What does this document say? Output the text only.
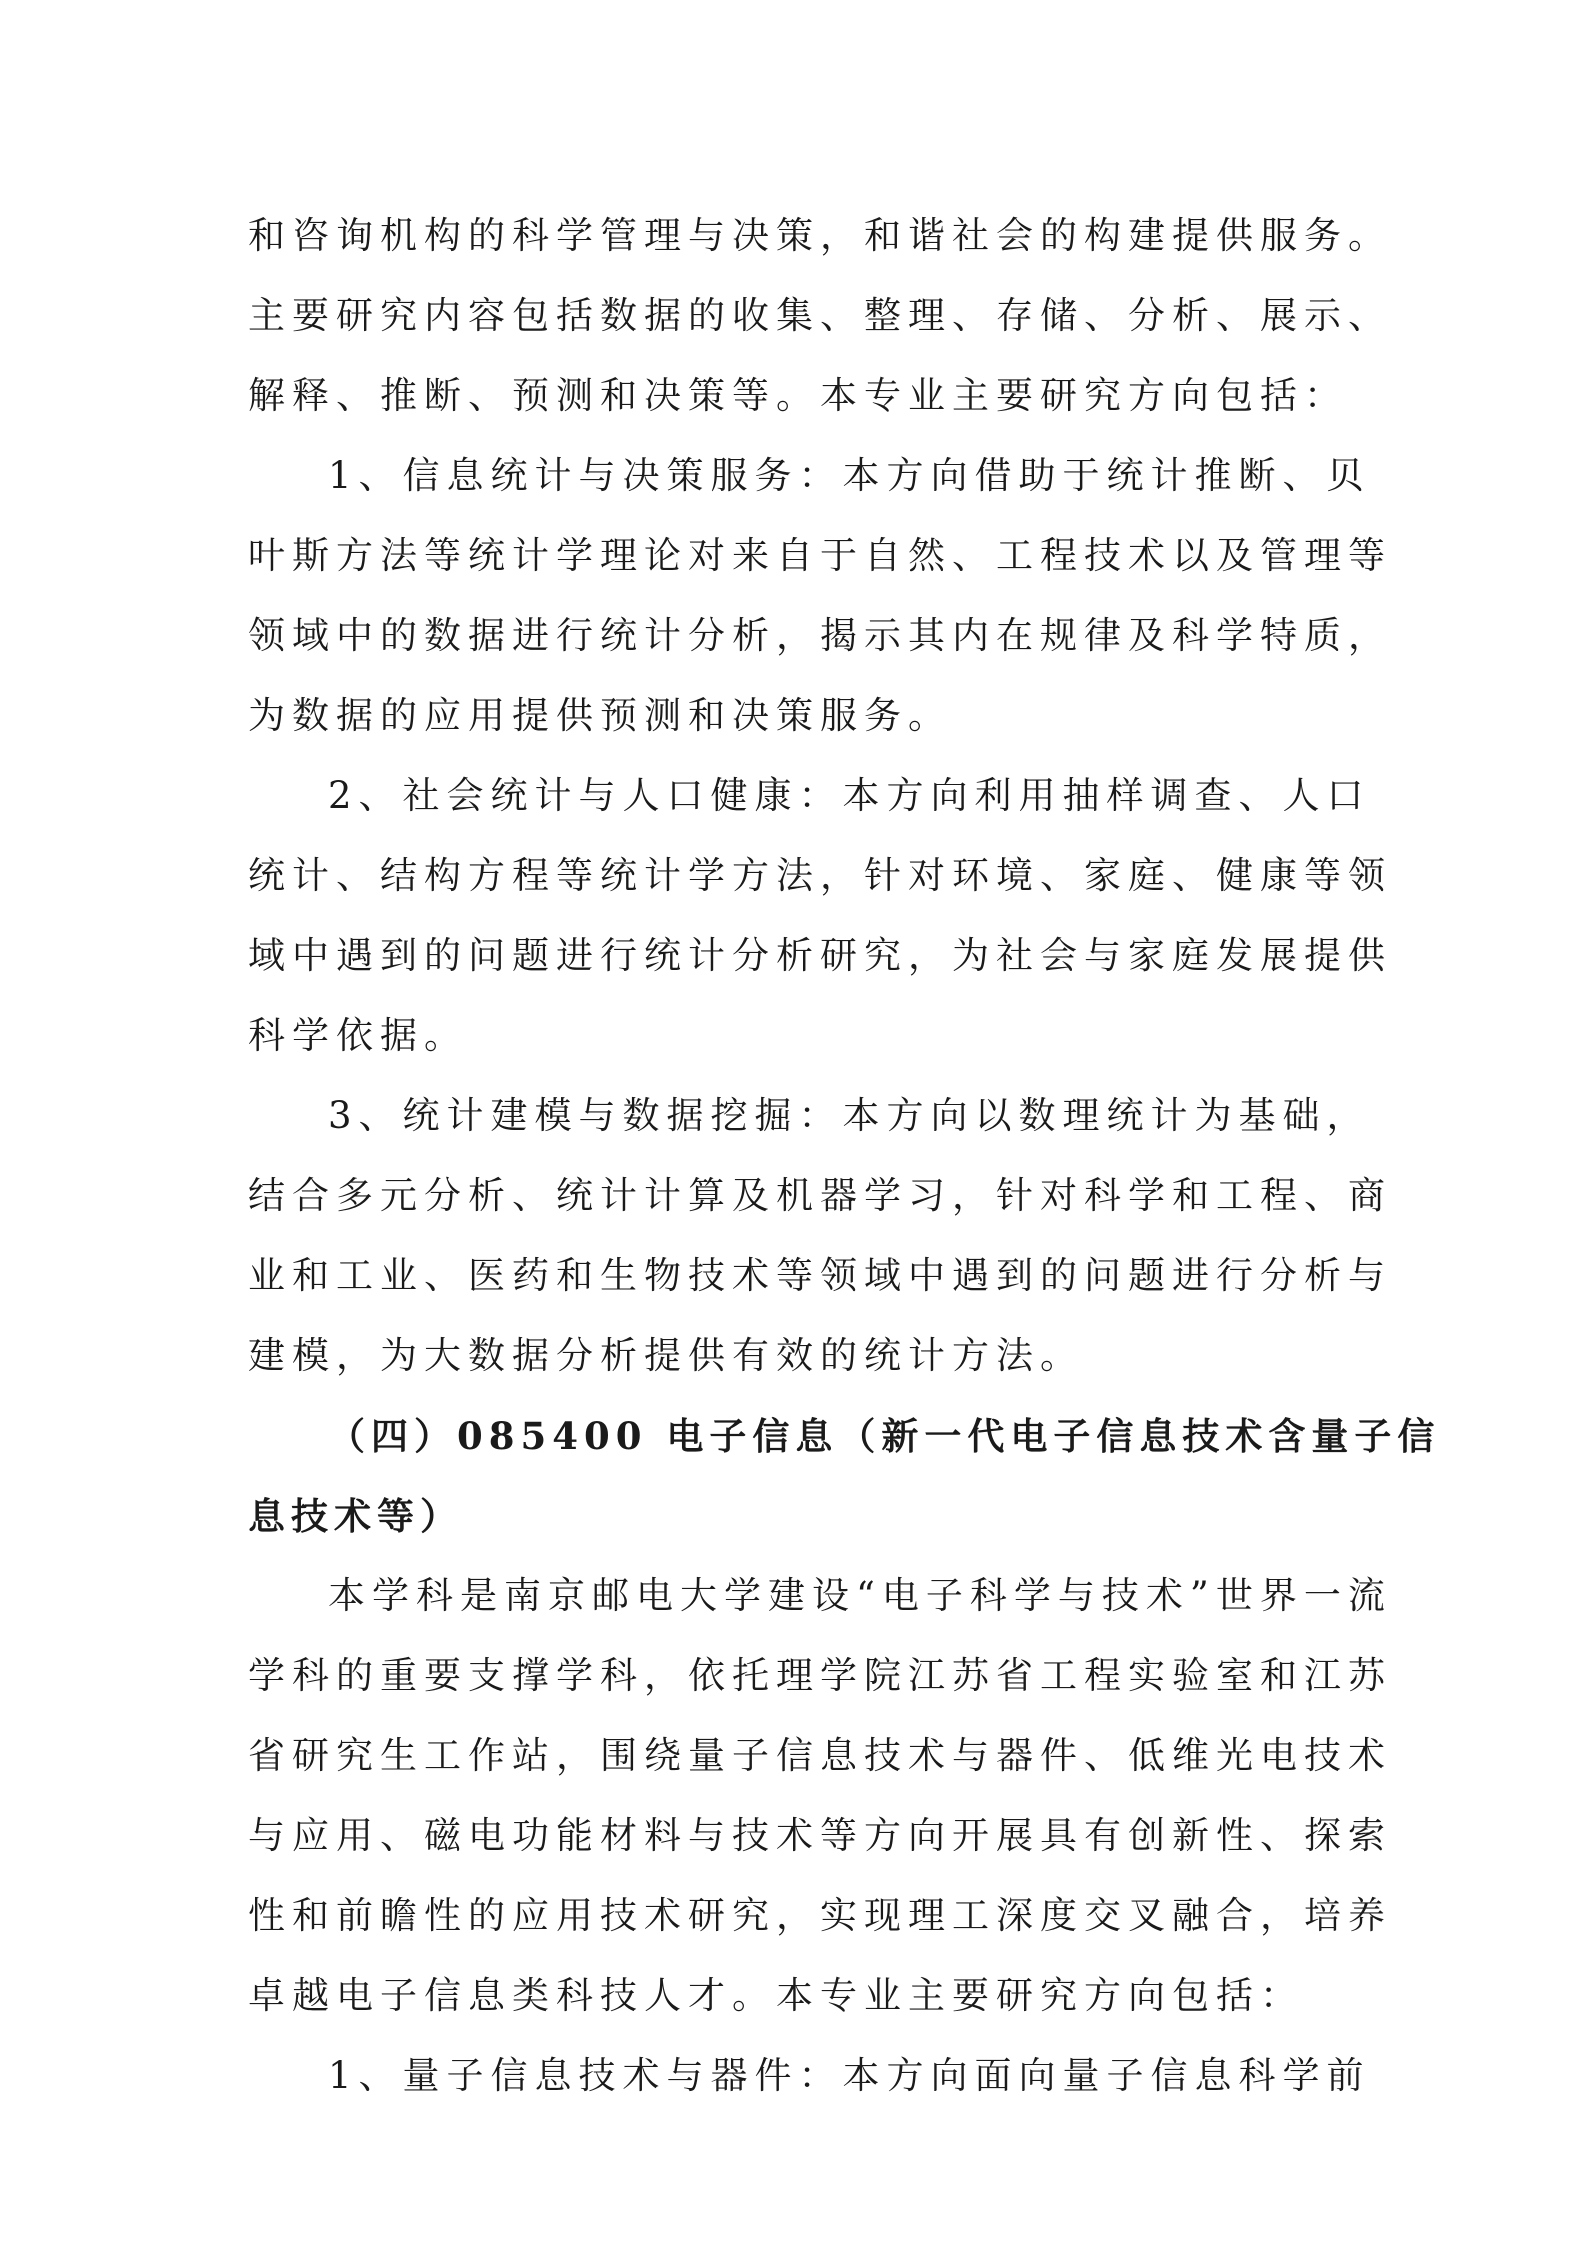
和咨询机构的科学管理与决策，和谐社会的构建提供服务。
主要研究内容包括数据的收集、整理、存储、分析、展示、
解释、推断、预测和决策等。本专业主要研究方向包括：
1、信息统计与决策服务：本方向借助于统计推断、贝
叶斯方法等统计学理论对来自于自然、工程技术以及管理等
领域中的数据进行统计分析，揭示其内在规律及科学特质，
为数据的应用提供预测和决策服务。
2、社会统计与人口健康：本方向利用抽样调查、人口
统计、结构方程等统计学方法，针对环境、家庭、健康等领
域中遇到的问题进行统计分析研究，为社会与家庭发展提供
科学依据。
3、统计建模与数据挖掘：本方向以数理统计为基础，
结合多元分析、统计计算及机器学习，针对科学和工程、商
业和工业、医药和生物技术等领域中遇到的问题进行分析与
建模，为大数据分析提供有效的统计方法。
（四）085400 电子信息（新一代电子信息技术含量子信
息技术等）
本学科是南京邮电大学建设“电子科学与技术”世界一流
学科的重要支撑学科，依托理学院江苏省工程实验室和江苏
省研究生工作站，围绕量子信息技术与器件、低维光电技术
与应用、磁电功能材料与技术等方向开展具有创新性、探索
性和前瞻性的应用技术研究，实现理工深度交叉融合，培养
卓越电子信息类科技人才。本专业主要研究方向包括：
1、量子信息技术与器件：本方向面向量子信息科学前
